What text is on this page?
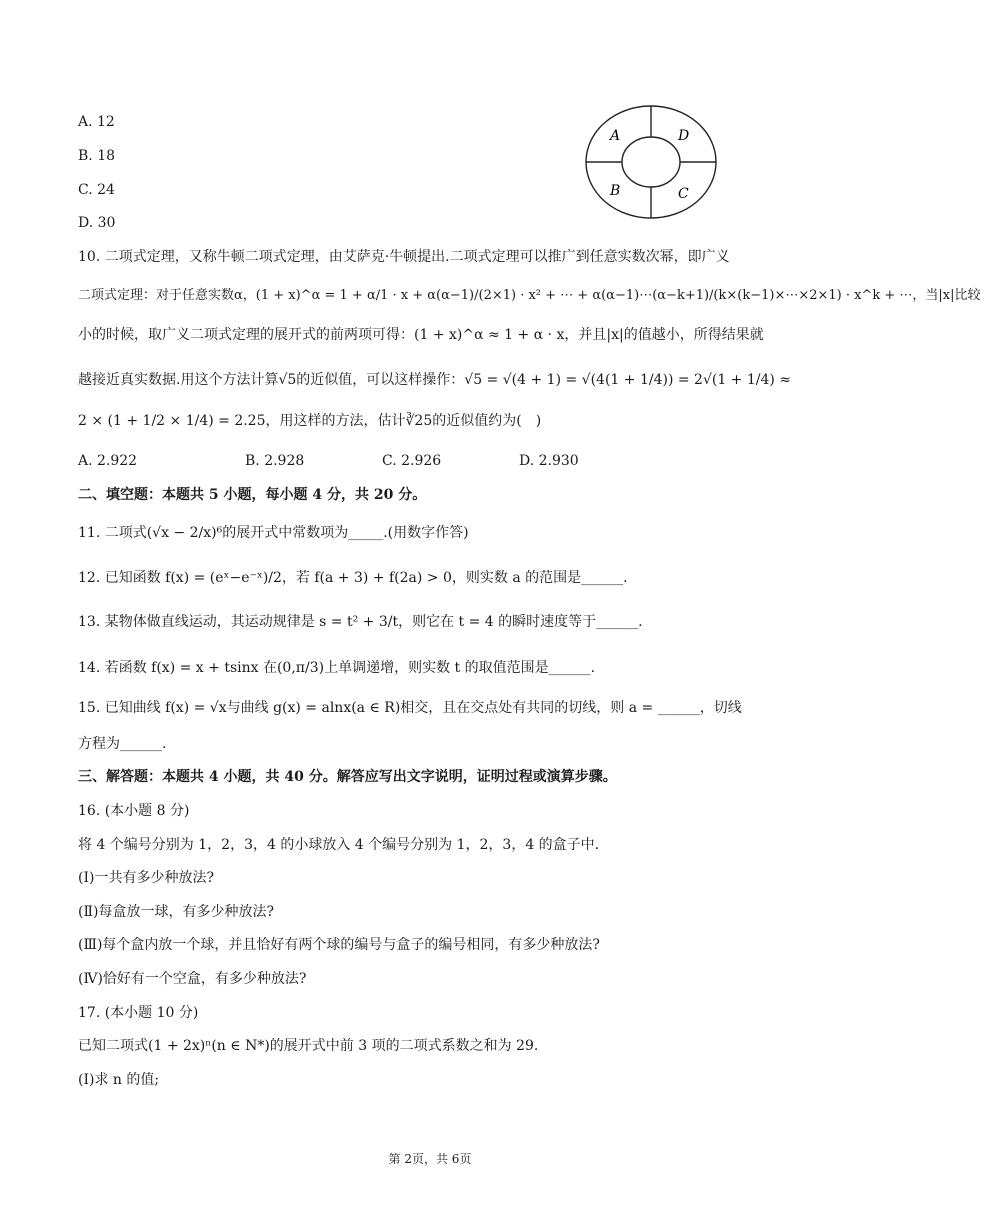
A. 12
B. 18
C. 24
D. 30
A	D
B	C
10. 二项式定理，又称牛顿二项式定理，由艾萨克·牛顿提出.二项式定理可以推广到任意实数次幂，即广义
二项式定理：对于任意实数α，(1 + x)^α = 1 + α/1 · x + α(α−1)/(2×1) · x² + ⋯ + α(α−1)⋯(α−k+1)/(k×(k−1)×⋯×2×1) · x^k + ⋯，当|x|比较
小的时候，取广义二项式定理的展开式的前两项可得：(1 + x)^α ≈ 1 + α · x，并且|x|的值越小，所得结果就
越接近真实数据.用这个方法计算√5的近似值，可以这样操作：√5 = √(4 + 1) = √(4(1 + 1/4)) = 2√(1 + 1/4) ≈
2 × (1 + 1/2 × 1/4) = 2.25，用这样的方法，估计∛25的近似值约为(　)
A. 2.922	B. 2.928	C. 2.926	D. 2.930
二、填空题：本题共 5 小题，每小题 4 分，共 20 分。
11. 二项式(√x − 2/x)⁶的展开式中常数项为_____.(用数字作答)
12. 已知函数 f(x) = (eˣ−e⁻ˣ)/2，若 f(a + 3) + f(2a) > 0，则实数 a 的范围是______.
13. 某物体做直线运动，其运动规律是 s = t² + 3/t，则它在 t = 4 的瞬时速度等于______.
14. 若函数 f(x) = x + tsinx 在(0,π/3)上单调递增，则实数 t 的取值范围是______.
15. 已知曲线 f(x) = √x与曲线 g(x) = alnx(a ∈ R)相交，且在交点处有共同的切线，则 a = ______，切线
方程为______.
三、解答题：本题共 4 小题，共 40 分。解答应写出文字说明，证明过程或演算步骤。
16. (本小题 8 分)
将 4 个编号分别为 1，2，3，4 的小球放入 4 个编号分别为 1，2，3，4 的盒子中.
(Ⅰ)一共有多少种放法?
(Ⅱ)每盒放一球，有多少种放法?
(Ⅲ)每个盒内放一个球，并且恰好有两个球的编号与盒子的编号相同，有多少种放法?
(Ⅳ)恰好有一个空盒，有多少种放法?
17. (本小题 10 分)
已知二项式(1 + 2x)ⁿ(n ∈ N*)的展开式中前 3 项的二项式系数之和为 29.
(Ⅰ)求 n 的值;
第 2页，共 6页
